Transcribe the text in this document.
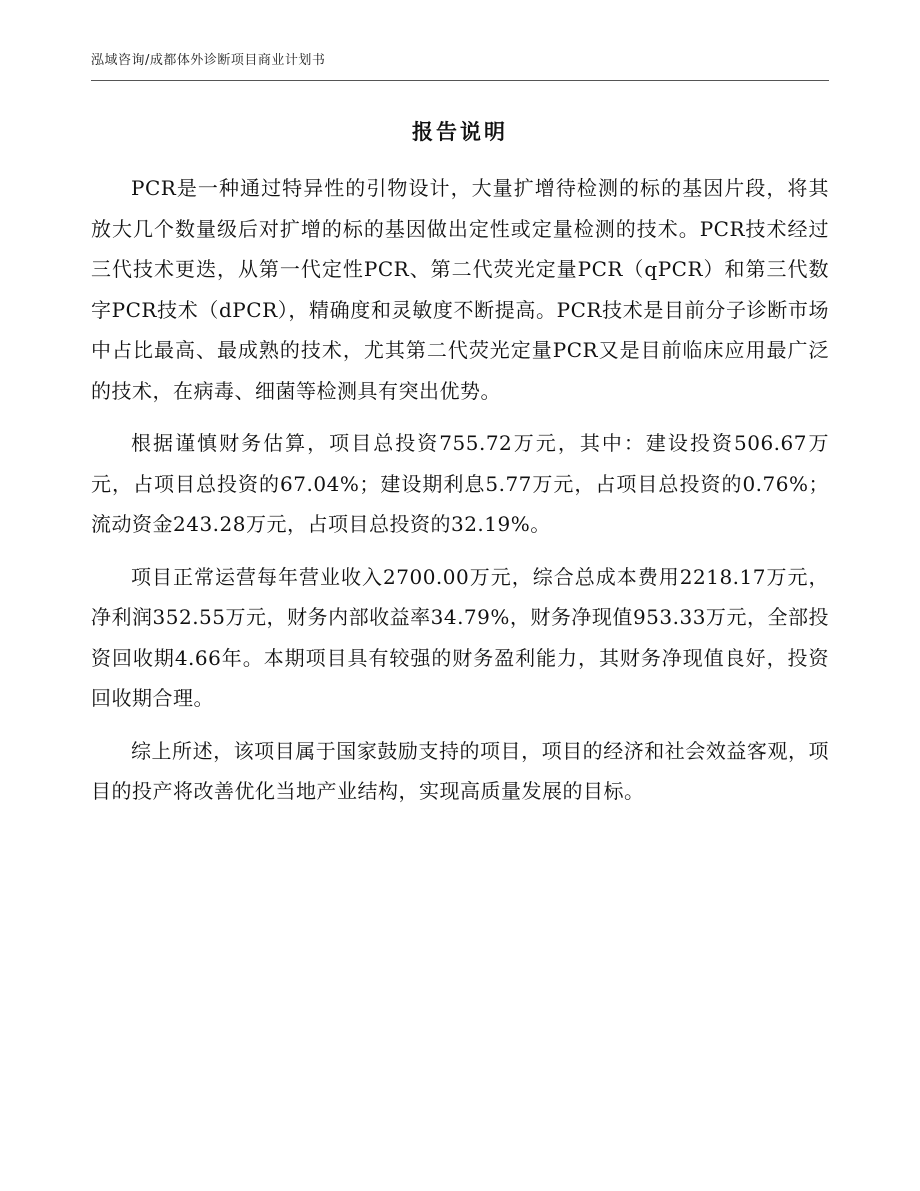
泓域咨询/成都体外诊断项目商业计划书
报告说明

PCR是一种通过特异性的引物设计，大量扩增待检测的标的基因片段，将其放大几个数量级后对扩增的标的基因做出定性或定量检测的技术。PCR技术经过三代技术更迭，从第一代定性PCR、第二代荧光定量PCR（qPCR）和第三代数字PCR技术（dPCR），精确度和灵敏度不断提高。PCR技术是目前分子诊断市场中占比最高、最成熟的技术，尤其第二代荧光定量PCR又是目前临床应用最广泛的技术，在病毒、细菌等检测具有突出优势。

根据谨慎财务估算，项目总投资755.72万元，其中：建设投资506.67万元，占项目总投资的67.04%；建设期利息5.77万元，占项目总投资的0.76%；流动资金243.28万元，占项目总投资的32.19%。

项目正常运营每年营业收入2700.00万元，综合总成本费用2218.17万元，净利润352.55万元，财务内部收益率34.79%，财务净现值953.33万元，全部投资回收期4.66年。本期项目具有较强的财务盈利能力，其财务净现值良好，投资回收期合理。

综上所述，该项目属于国家鼓励支持的项目，项目的经济和社会效益客观，项目的投产将改善优化当地产业结构，实现高质量发展的目标。
